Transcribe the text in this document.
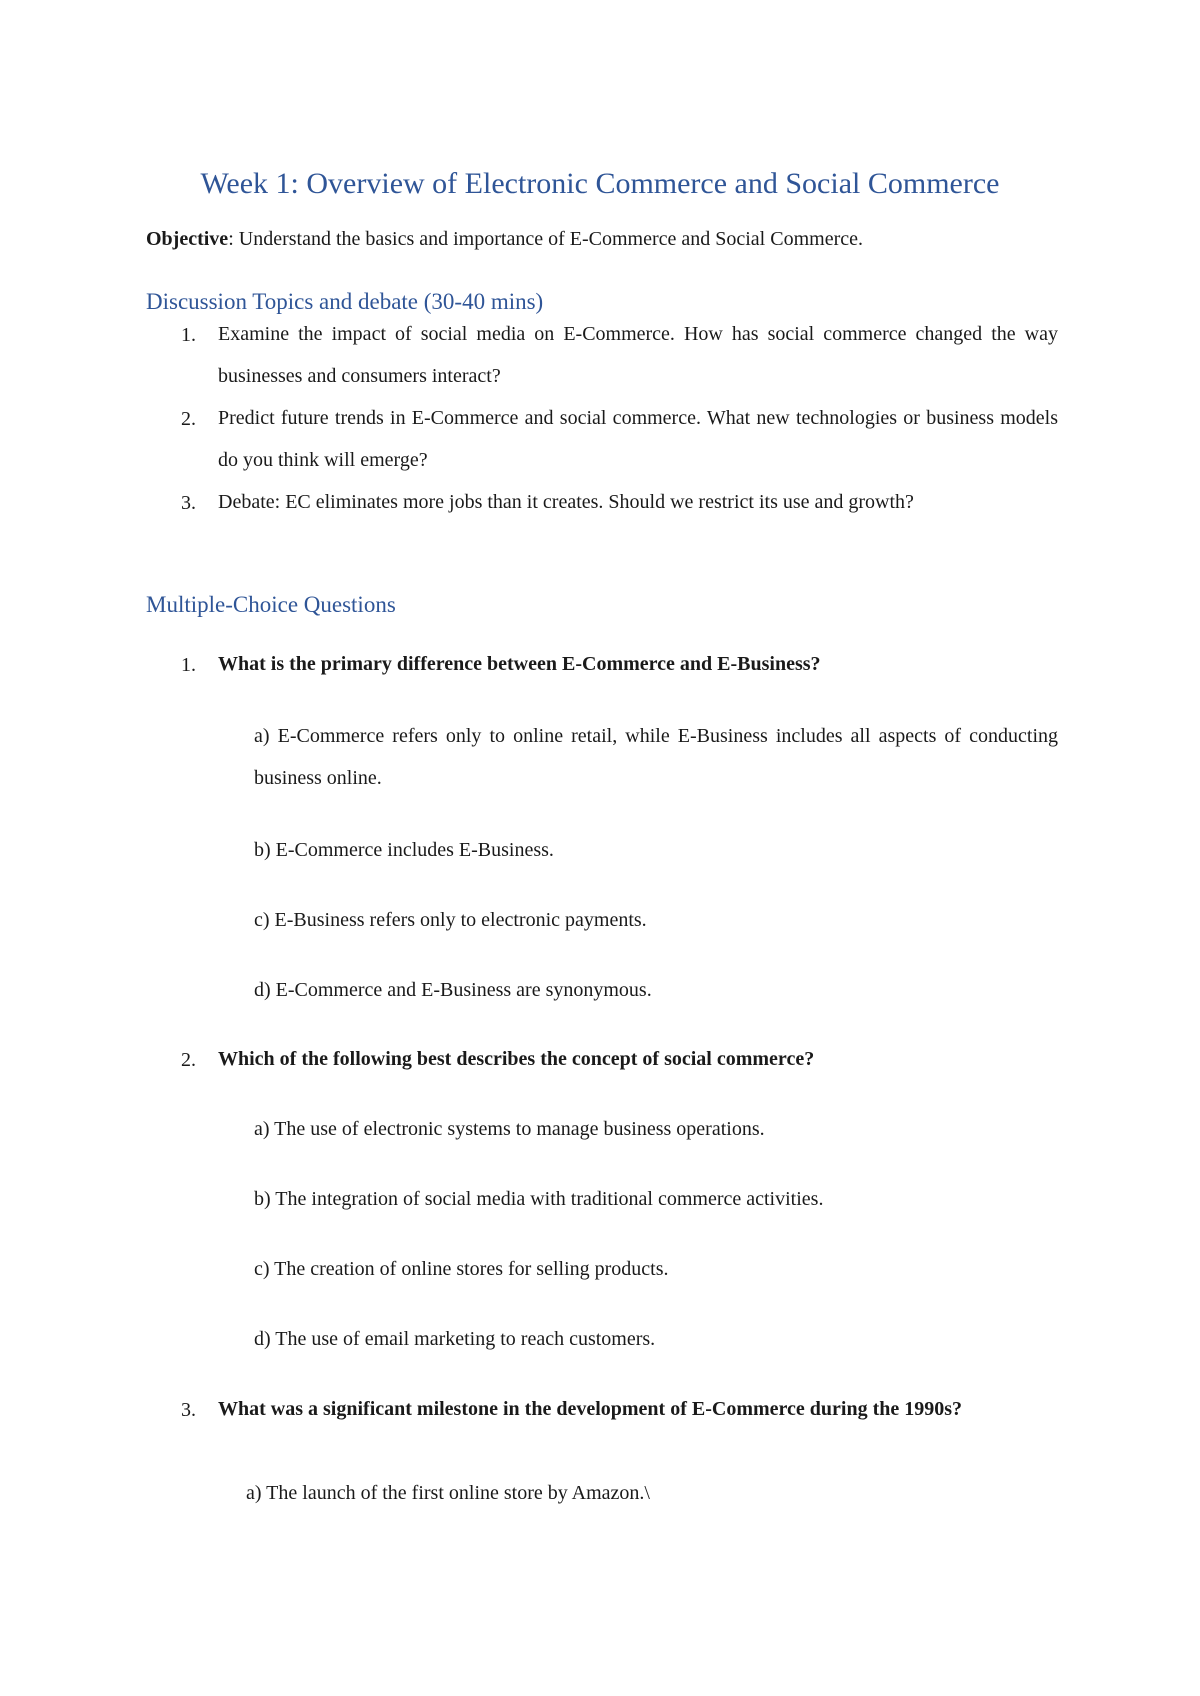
Week 1: Overview of Electronic Commerce and Social Commerce

Objective: Understand the basics and importance of E-Commerce and Social Commerce.

Discussion Topics and debate (30-40 mins)
1. Examine the impact of social media on E-Commerce. How has social commerce changed the way businesses and consumers interact?

2. Predict future trends in E-Commerce and social commerce. What new technologies or business models do you think will emerge?

3. Debate: EC eliminates more jobs than it creates. Should we restrict its use and growth?

Multiple-Choice Questions
1. What is the primary difference between E-Commerce and E-Business?

a) E-Commerce refers only to online retail, while E-Business includes all aspects of conducting business online.

b) E-Commerce includes E-Business.

c) E-Business refers only to electronic payments.

d) E-Commerce and E-Business are synonymous.

2. Which of the following best describes the concept of social commerce?

a) The use of electronic systems to manage business operations.

b) The integration of social media with traditional commerce activities.

c) The creation of online stores for selling products.

d) The use of email marketing to reach customers.

3. What was a significant milestone in the development of E-Commerce during the 1990s?

a) The launch of the first online store by Amazon.\
